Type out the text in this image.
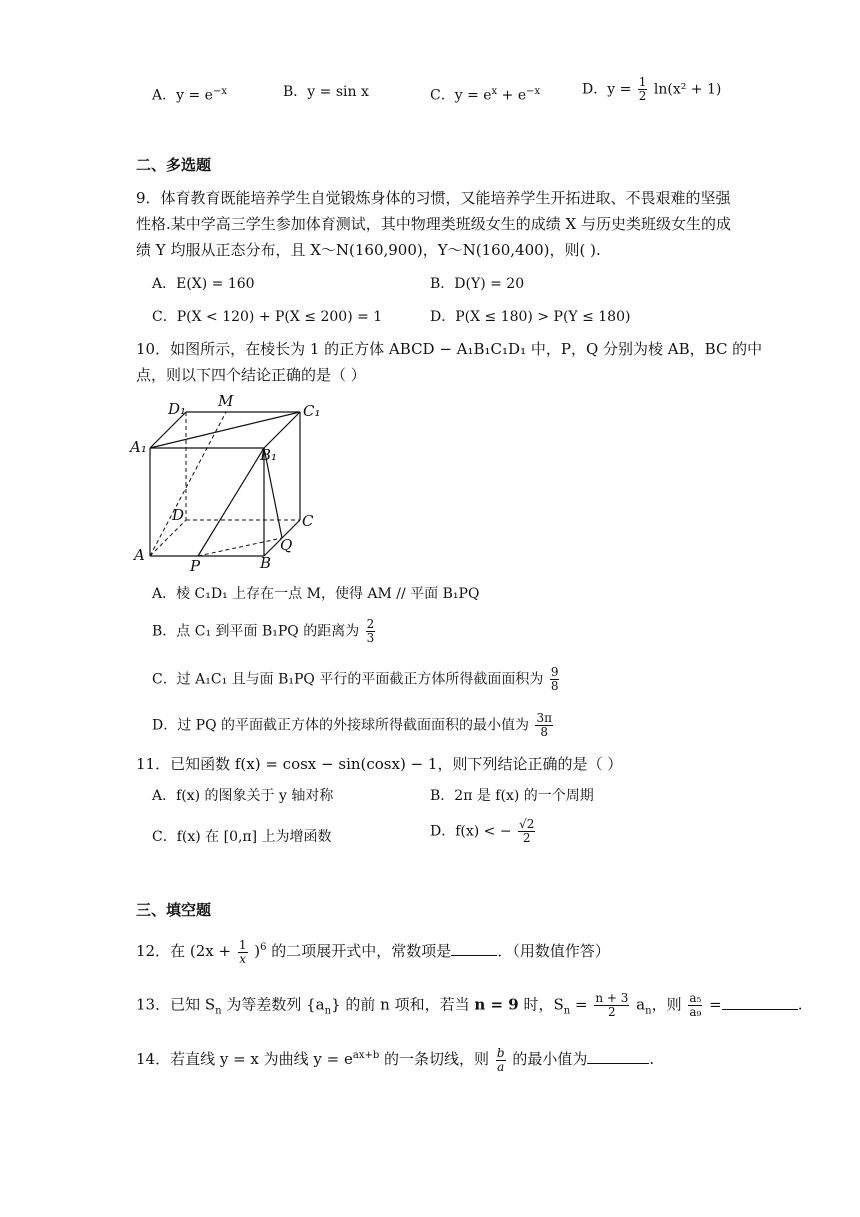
A．$y = e^{-x}$	B．y = sin x	C．$y = e^x + e^{-x}$	D．$y = \frac{1}{2} \ln(x^2 + 1)$
二、多选题
9．体育教育既能培养学生自觉锻炼身体的习惯，又能培养学生开拓进取、不畏艰难的坚强
性格.某中学高三学生参加体育测试，其中物理类班级女生的成绩 X 与历史类班级女生的成
绩 Y 均服从正态分布，且 X～N(160,900)，Y～N(160,400)，则( ).
A．E(X) = 160	B．D(Y) = 20
C．P(X < 120) + P(X ≤ 200) = 1	D．P(X ≤ 180) > P(Y ≤ 180)
10．如图所示，在棱长为 1 的正方体 ABCD − A₁B₁C₁D₁ 中，P，Q 分别为棱 AB，BC 的中
点，则以下四个结论正确的是（ ）
D₁ M
C₁
A₁	B₁
D	C
A
P	B
Q
A．棱 C₁D₁ 上存在一点 M，使得 AM // 平面 B₁PQ
B．点 C₁ 到平面 B₁PQ 的距离为 $\frac{2}{3}$
C．过 A₁C₁ 且与面 B₁PQ 平行的平面截正方体所得截面面积为 $\frac{9}{8}$
D．过 PQ 的平面截正方体的外接球所得截面面积的最小值为 $\frac{3\pi}{8}$
11．已知函数 f(x) = cosx − sin(cosx) − 1，则下列结论正确的是（ ）
A．f(x) 的图象关于 y 轴对称	B．2π 是 f(x) 的一个周期
C．f(x) 在 [0,π] 上为增函数	D．f(x) < − $\frac{√2}{2}$
三、填空题
12．在 $(2x + \frac{1}{x} )^6$ 的二项展开式中，常数项是	．（用数值作答）
13．已知 $S_n$ 为等差数列 $\{a_n\}$ 的前 n 项和，若当 n = 9 时，$S_n = \frac{n + 3}{2} a_n$，则 $\frac{\text{a₅}}{\text{a₉}}$ =	.
14．若直线 y = x 为曲线 $y = e^{ax+b}$ 的一条切线，则 $\frac{b}{a}$ 的最小值为	.
